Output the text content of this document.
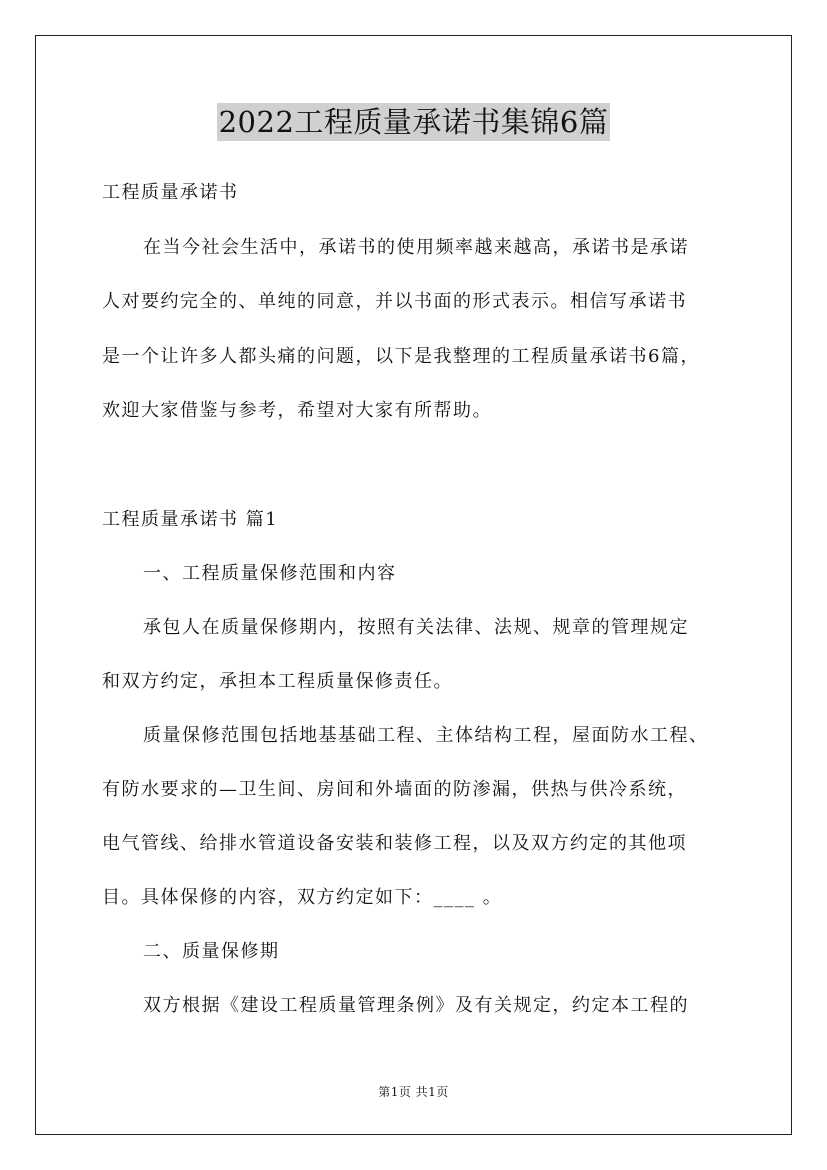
2022工程质量承诺书集锦6篇
工程质量承诺书
在当今社会生活中，承诺书的使用频率越来越高，承诺书是承诺
人对要约完全的、单纯的同意，并以书面的形式表示。相信写承诺书
是一个让许多人都头痛的问题，以下是我整理的工程质量承诺书6篇，
欢迎大家借鉴与参考，希望对大家有所帮助。
工程质量承诺书 篇1
一、工程质量保修范围和内容
承包人在质量保修期内，按照有关法律、法规、规章的管理规定
和双方约定，承担本工程质量保修责任。
质量保修范围包括地基基础工程、主体结构工程，屋面防水工程、
有防水要求的—卫生间、房间和外墙面的防渗漏，供热与供冷系统，
电气管线、给排水管道设备安装和装修工程，以及双方约定的其他项
目。具体保修的内容，双方约定如下：____ 。
二、质量保修期
双方根据《建设工程质量管理条例》及有关规定，约定本工程的
第1页 共1页
